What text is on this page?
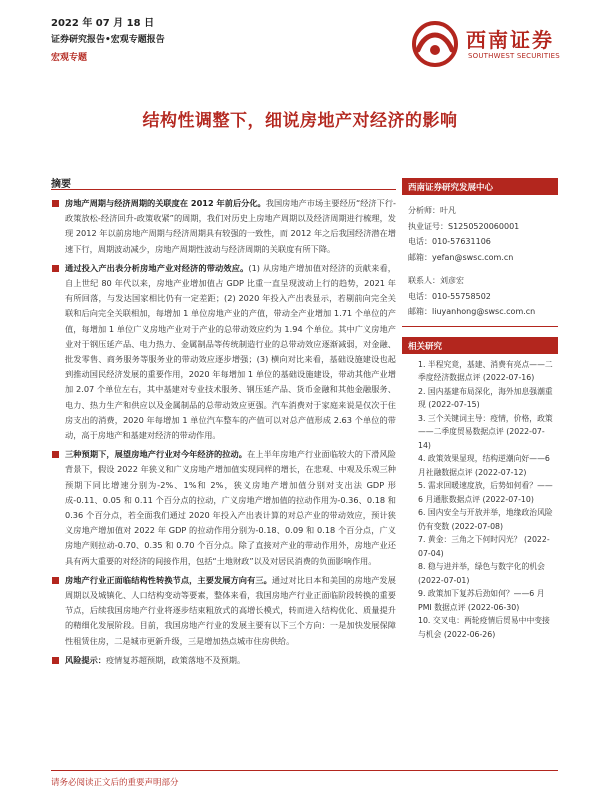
2022 年 07 月 18 日
证券研究报告•宏观专题报告
宏观专题
西南证券
SOUTHWEST SECURITIES
结构性调整下，细说房地产对经济的影响
摘要

房地产周期与经济周期的关联度在 2012 年前后分化。我国房地产市场主要经历“经济下行-政策放松-经济回升-政策收紧”的周期，我们对历史上房地产周期以及经济周期进行梳理，发现 2012 年以前房地产周期与经济周期具有较强的一致性，而 2012 年之后我国经济潜在增速下行，周期波动减少，房地产周期性波动与经济周期的关联度有所下降。

通过投入产出表分析房地产业对经济的带动效应。(1) 从房地产增加值对经济的贡献来看，自上世纪 80 年代以来，房地产业增加值占 GDP 比重一直呈现波动上行的趋势，2021 年有所回落，与发达国家相比仍有一定差距；(2) 2020 年投入产出表显示，若剔前向完全关联和后向完全关联相加，每增加 1 单位房地产业的产值，带动全产业增加 1.71 个单位的产值，每增加 1 单位广义房地产业对于产业的总带动效应约为 1.94 个单位。其中广义房地产业对于钢压延产品、电力热力、金属制品等传统制造行业的总带动效应逐渐减弱，对金融、批发零售、商务服务等服务业的带动效应逐步增强；(3) 横向对比来看，基础设施建设也起到推动国民经济发展的重要作用，2020 年每增加 1 单位的基础设施建设，带动其他产业增加 2.07 个单位左右，其中基建对专业技术服务、钢压延产品、货币金融和其他金融服务、电力、热力生产和供应以及金属制品的总带动效应更强。汽车消费对于家庭来说是仅次于住房支出的消费，2020 年每增加 1 单位汽车整车的产值可以对总产值形成 2.63 个单位的带动，高于房地产和基建对经济的带动作用。

三种预期下，展望房地产行业对今年经济的拉动。在上半年房地产行业面临较大的下滑风险背景下，假设 2022 年狭义和广义房地产增加值实现同样的增长，在悲观、中观及乐观三种预期下同比增速分别为-2%、1%和 2%，狭义房地产增加值分别对支出法 GDP 形成-0.11、0.05 和 0.11 个百分点的拉动，广义房地产增加值的拉动作用为-0.36、0.18 和 0.36 个百分点，若全面我们通过 2020 年投入产出表计算的对总产业的带动效应，预计狭义房地产增加值对 2022 年 GDP 的拉动作用分别为-0.18、0.09 和 0.18 个百分点，广义房地产则拉动-0.70、0.35 和 0.70 个百分点。除了直接对产业的带动作用外，房地产业还具有两大重要的对经济的间接作用，包括“土地财政”以及对居民消费的负面影响作用。

房地产行业正面临结构性转换节点，主要发展方向有三。通过对比日本和美国的房地产发展周期以及城镇化、人口结构变动等要素，整体来看，我国房地产行业正面临阶段转换的重要节点，后续我国房地产行业将逐步结束粗放式的高增长模式，转而进入结构优化、质量提升的精细化发展阶段。目前，我国房地产行业的发展主要有以下三个方向：一是加快发展保障性租赁住房，二是城市更新升级，三是增加热点城市住房供给。

风险提示：疫情复苏超预期，政策落地不及预期。

西南证券研究发展中心
分析师：叶凡
执业证号：S1250520060001
电话：010-57631106
邮箱：yefan@swsc.com.cn
联系人：刘彦宏
电话：010-55758502
邮箱：liuyanhong@swsc.com.cn
相关研究
1. 半程究竟，基建、消费有亮点——二季度经济数据点评 (2022-07-16)
2. 国内基建布局深化，海外加息强潮重现 (2022-07-15)
3. 三个关键词主导：疫情，价格，政策——二季度贸易数据点评 (2022-07-14)
4. 政策效果显现，结构逆潮向好——6 月社融数据点评 (2022-07-12)
5. 需求回暖速度放，后势如何看？——6 月通胀数据点评 (2022-07-10)
6. 国内安全与开放并举，地缘政治风险仍有变数 (2022-07-08)
7. 黄金：三角之下何时闪光？ (2022-07-04)
8. 稳与进并举，绿色与数字化的机会 (2022-07-01)
9. 政策加下复苏后劲如何？——6 月 PMI 数据点评 (2022-06-30)
10. 交叉电：两轮疫情后贸易中中变接与机会 (2022-06-26)
请务必阅读正文后的重要声明部分
